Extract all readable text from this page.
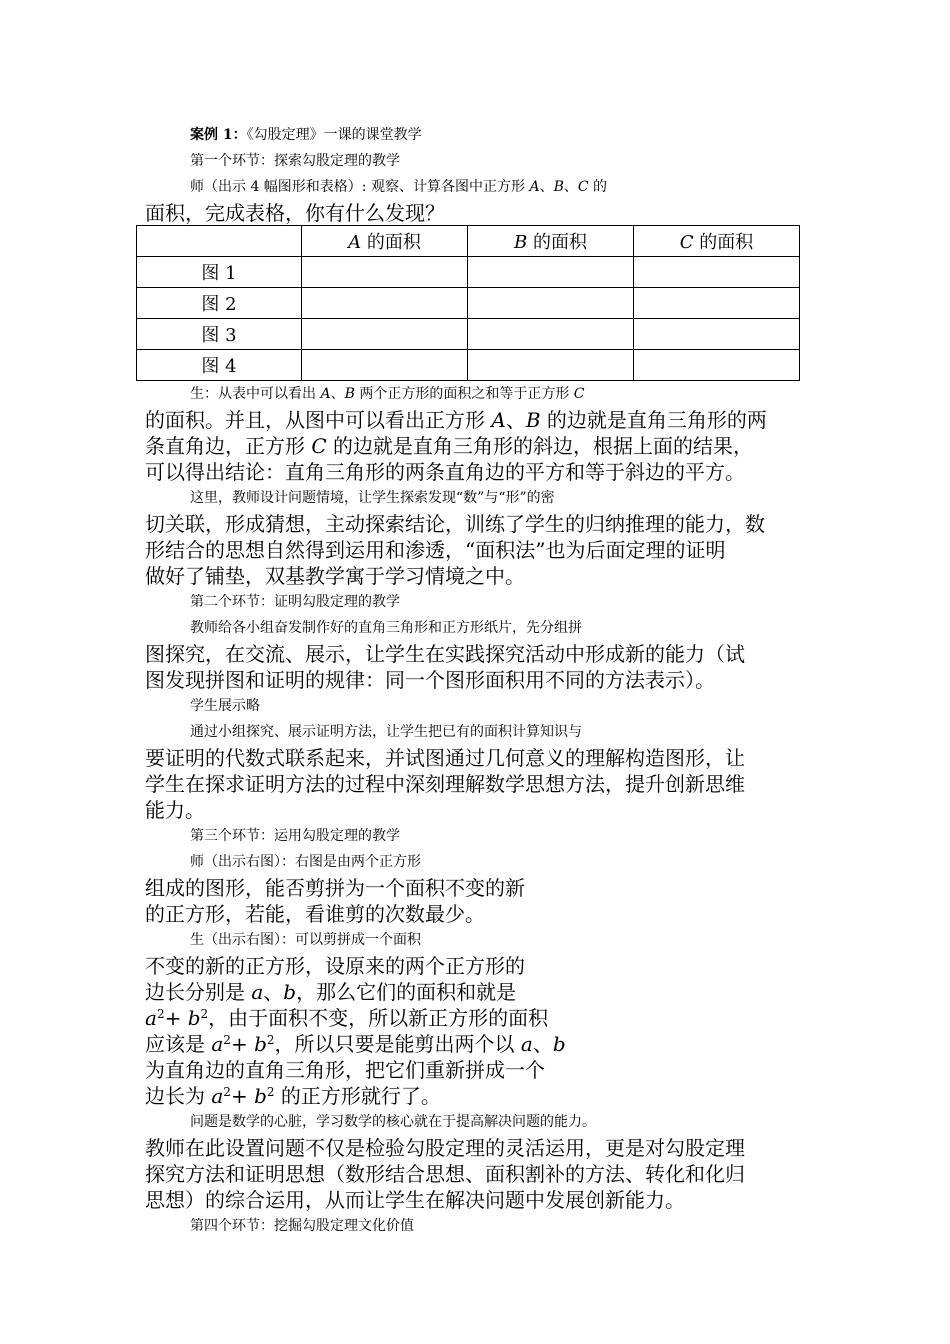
案例 1：《勾股定理》一课的课堂教学
第一个环节：探索勾股定理的教学
师（出示 4 幅图形和表格）: 观察、计算各图中正方形 A、B、C 的
面积，完成表格，你有什么发现？
	A 的面积	B 的面积	C 的面积
图 1			
图 2			
图 3			
图 4			
生：从表中可以看出 A、B 两个正方形的面积之和等于正方形 C
的面积。并且，从图中可以看出正方形 A、B 的边就是直角三角形的两
条直角边，正方形 C 的边就是直角三角形的斜边，根据上面的结果，
可以得出结论：直角三角形的两条直角边的平方和等于斜边的平方。
这里，教师设计问题情境，让学生探索发现“数”与“形”的密
切关联，形成猜想，主动探索结论，训练了学生的归纳推理的能力，数
形结合的思想自然得到运用和渗透，“面积法”也为后面定理的证明
做好了铺垫，双基教学寓于学习情境之中。
第二个环节：证明勾股定理的教学
教师给各小组奋发制作好的直角三角形和正方形纸片，先分组拼
图探究，在交流、展示，让学生在实践探究活动中形成新的能力（试
图发现拼图和证明的规律：同一个图形面积用不同的方法表示）。
学生展示略
通过小组探究、展示证明方法，让学生把已有的面积计算知识与
要证明的代数式联系起来，并试图通过几何意义的理解构造图形，让
学生在探求证明方法的过程中深刻理解数学思想方法，提升创新思维
能力。
第三个环节：运用勾股定理的教学
师（出示右图）：右图是由两个正方形
组成的图形，能否剪拼为一个面积不变的新
的正方形，若能，看谁剪的次数最少。
生（出示右图）：可以剪拼成一个面积
不变的新的正方形，设原来的两个正方形的
边长分别是 a、b，那么它们的面积和就是
$a^2+ b^2$，由于面积不变，所以新正方形的面积
应该是 $a^2+ b^2$，所以只要是能剪出两个以 a、b
为直角边的直角三角形，把它们重新拼成一个
边长为 $a^2+ b^2$ 的正方形就行了。
问题是数学的心脏，学习数学的核心就在于提高解决问题的能力。
教师在此设置问题不仅是检验勾股定理的灵活运用，更是对勾股定理
探究方法和证明思想（数形结合思想、面积割补的方法、转化和化归
思想）的综合运用，从而让学生在解决问题中发展创新能力。
第四个环节：挖掘勾股定理文化价值
